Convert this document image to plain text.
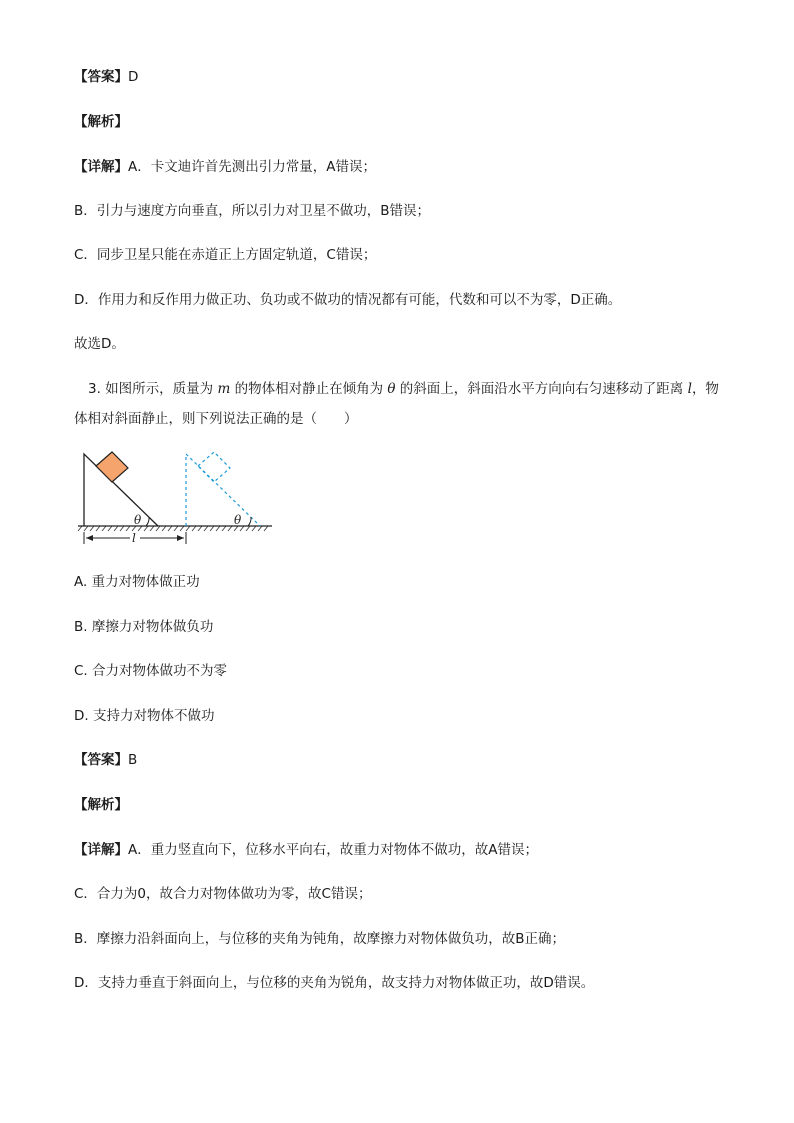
【答案】D
【解析】
【详解】A．卡文迪许首先测出引力常量，A错误；
B．引力与速度方向垂直，所以引力对卫星不做功，B错误；
C．同步卫星只能在赤道正上方固定轨道，C错误；
D．作用力和反作用力做正功、负功或不做功的情况都有可能，代数和可以不为零，D正确。
故选D。
3. 如图所示，质量为 m 的物体相对静止在倾角为 θ 的斜面上，斜面沿水平方向向右匀速移动了距离 l，物
体相对斜面静止，则下列说法正确的是（　　）
θ	θ
l
A. 重力对物体做正功
B. 摩擦力对物体做负功
C. 合力对物体做功不为零
D. 支持力对物体不做功
【答案】B
【解析】
【详解】A．重力竖直向下，位移水平向右，故重力对物体不做功，故A错误；
C．合力为0，故合力对物体做功为零，故C错误；
B．摩擦力沿斜面向上，与位移的夹角为钝角，故摩擦力对物体做负功，故B正确；
D．支持力垂直于斜面向上，与位移的夹角为锐角，故支持力对物体做正功，故D错误。
